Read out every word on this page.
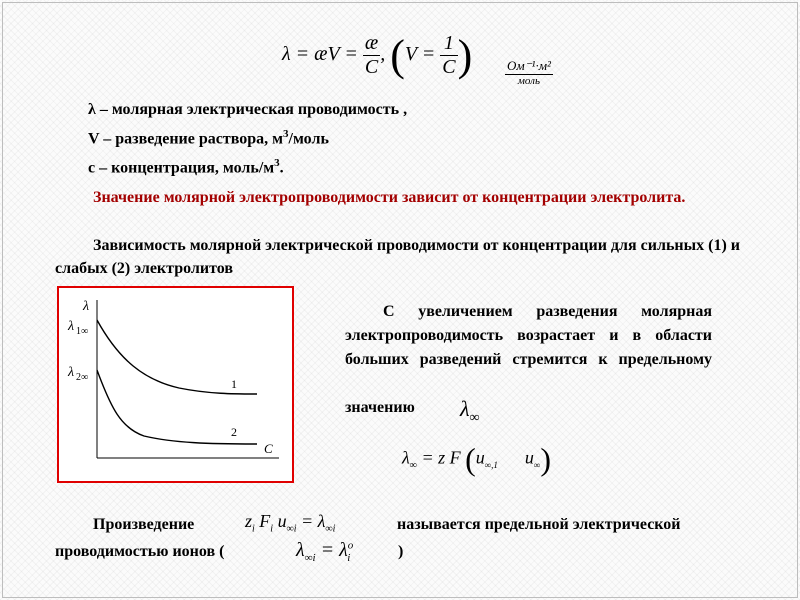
λ = æV = $\frac{æ}{C}$ , ($V = \frac{1}{C}$ )	$\frac{\text{Ом⁻¹·м²}}{\text{моль}}$
λ – молярная электрическая проводимость ,
V – разведение раствора, $м^3$/моль
c – концентрация, моль/$м^3$.
Значение молярной электропроводимости зависит от концентрации электролита.
Зависимость молярной электрической проводимости от концентрации для сильных (1) и слабых (2) электролитов
λ
λ 1∞
λ 2∞	1
2
C
С увеличением разведения молярная электропроводимость возрастает и в области больших разведений стремится к предельному
значению $\lambda_\infty$
$\lambda_\infty = z$ F ($u_{\infty,1}$ $u_\infty$)
Произведение	$z_i$ $F_i$ $u_{\infty i} = \lambda_{\infty i}$	называется предельной электрической
проводимостью ионов (	$\lambda_{\infty i} = \lambda^o_i$	)
